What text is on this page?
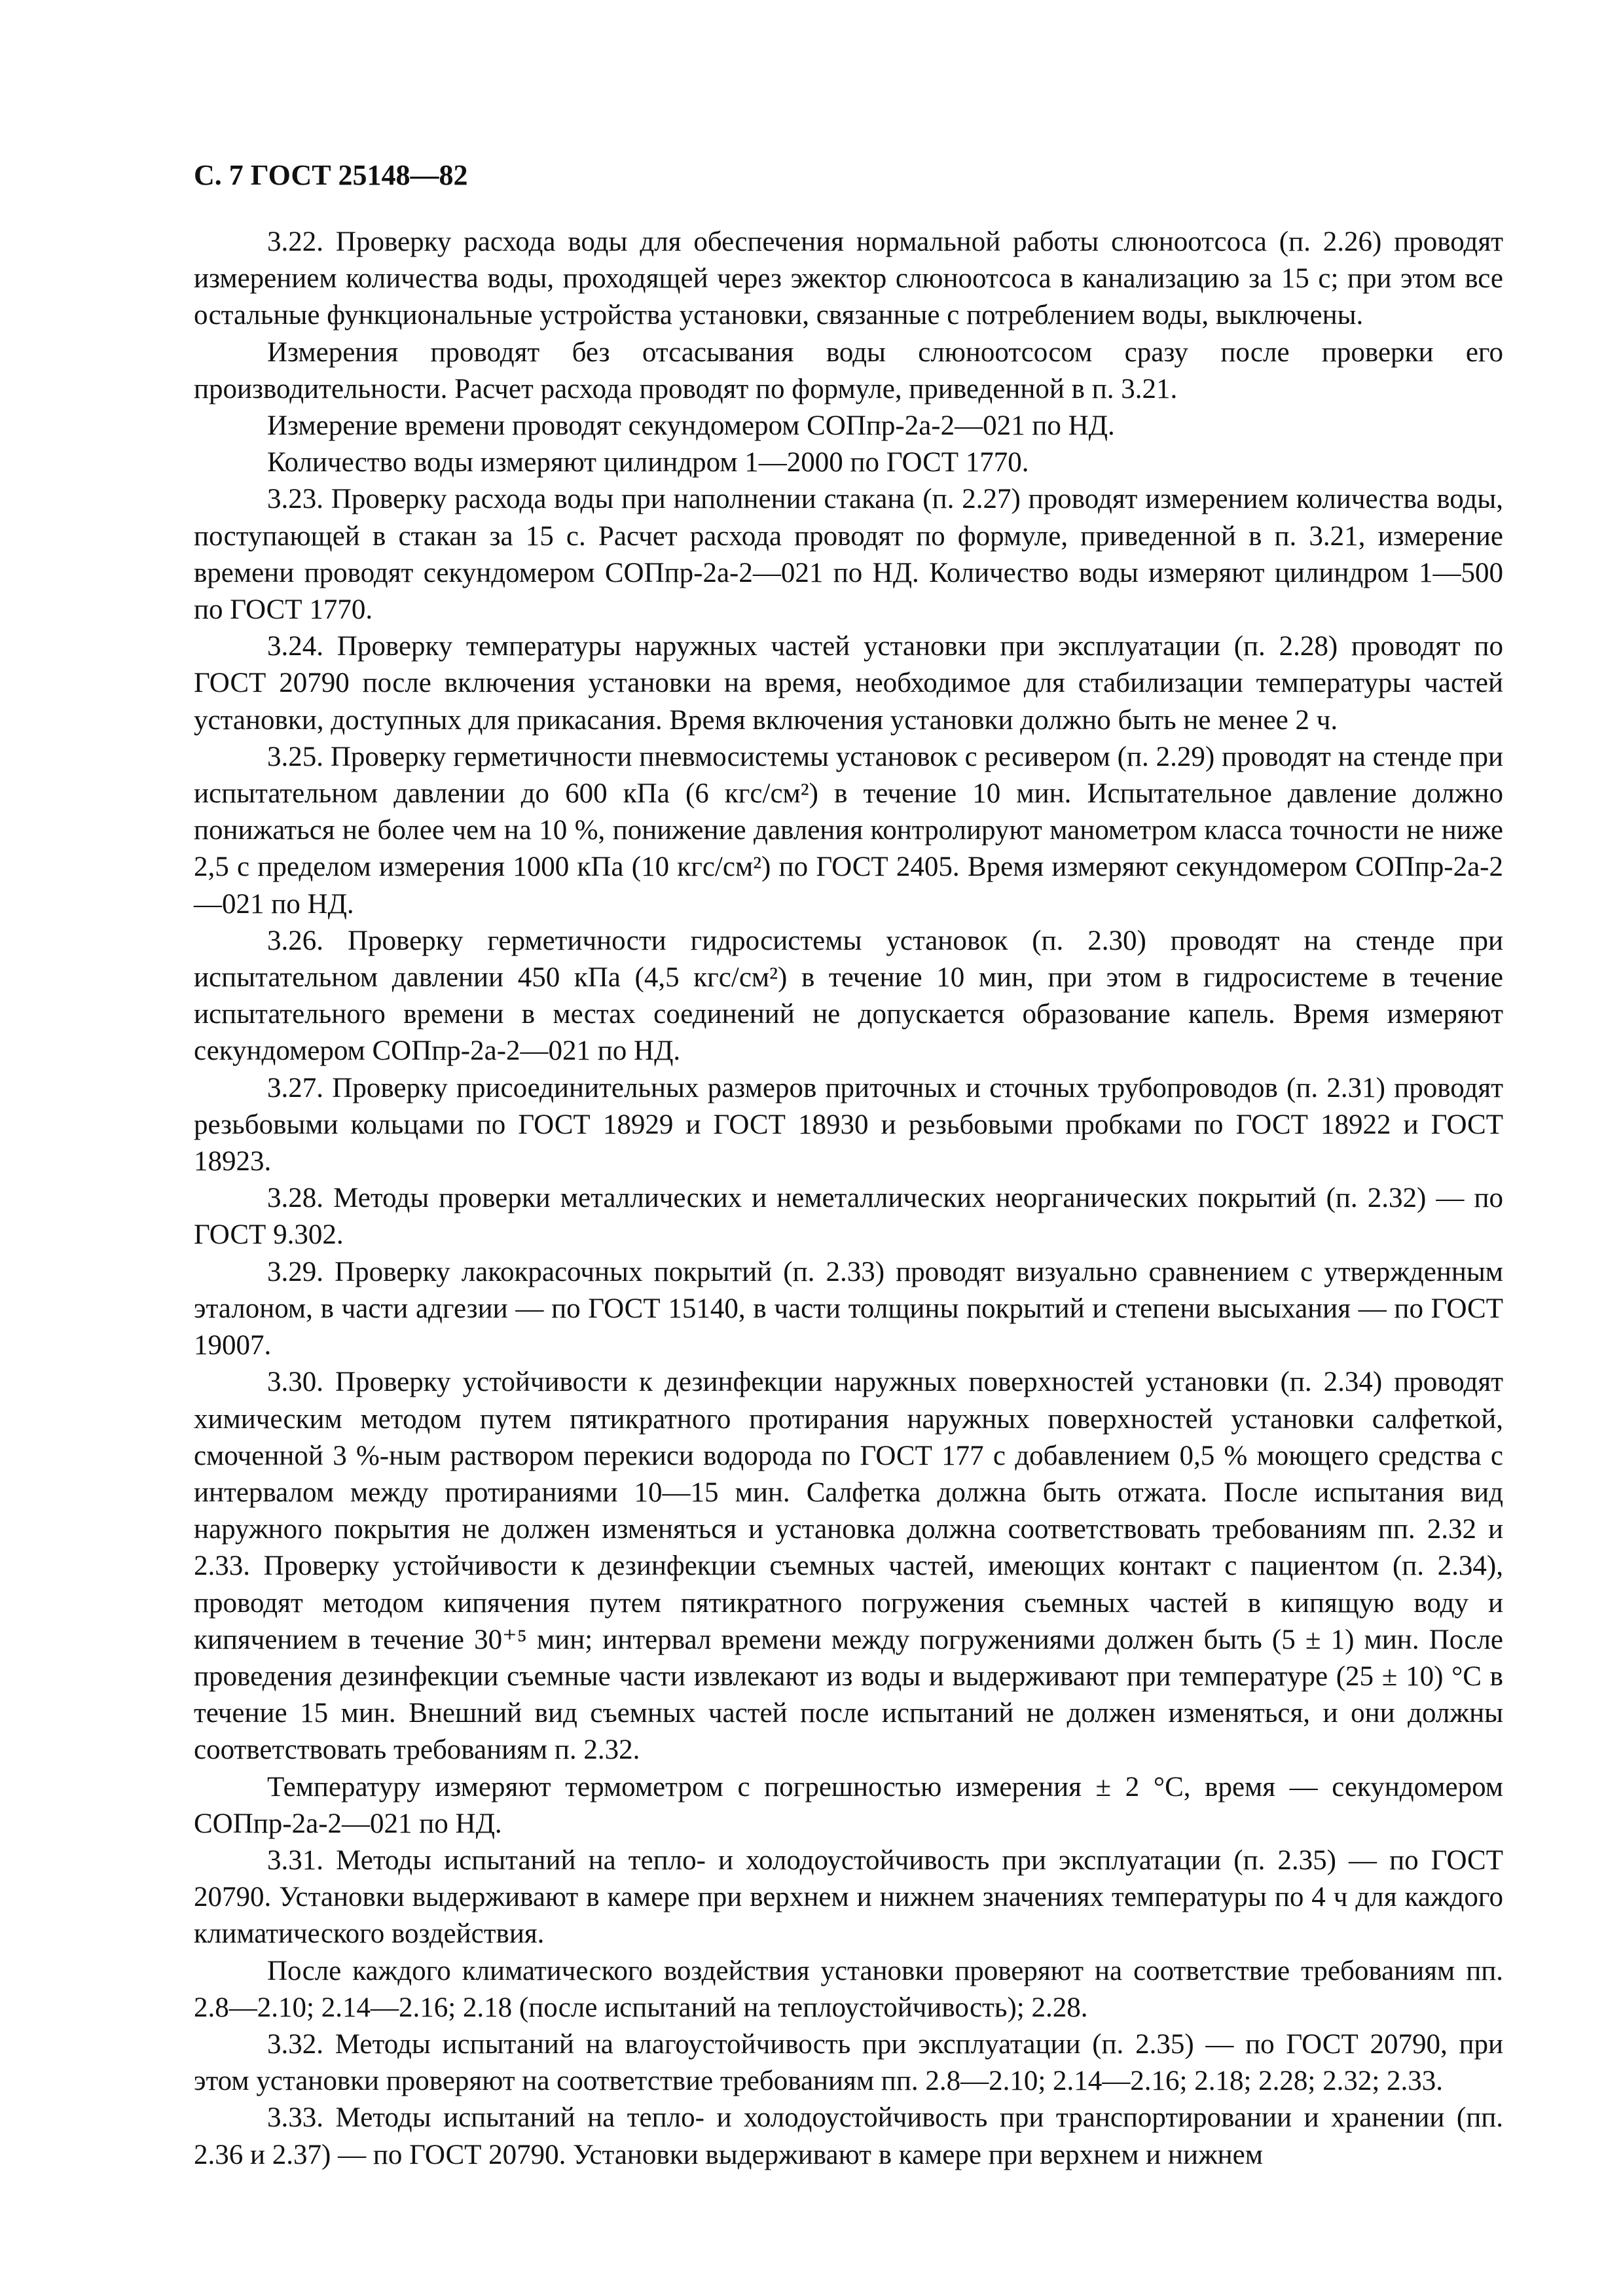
С. 7 ГОСТ 25148—82

3.22. Проверку расхода воды для обеспечения нормальной работы слюноотсоса (п. 2.26) проводят измерением количества воды, проходящей через эжектор слюноотсоса в канализацию за 15 с; при этом все остальные функциональные устройства установки, связанные с потреблением воды, выключены.

Измерения проводят без отсасывания воды слюноотсосом сразу после проверки его производительности. Расчет расхода проводят по формуле, приведенной в п. 3.21.

Измерение времени проводят секундомером СОПпр-2а-2—021 по НД.

Количество воды измеряют цилиндром 1—2000 по ГОСТ 1770.

3.23. Проверку расхода воды при наполнении стакана (п. 2.27) проводят измерением количества воды, поступающей в стакан за 15 с. Расчет расхода проводят по формуле, приведенной в п. 3.21, измерение времени проводят секундомером СОПпр-2а-2—021 по НД. Количество воды измеряют цилиндром 1—500 по ГОСТ 1770.

3.24. Проверку температуры наружных частей установки при эксплуатации (п. 2.28) проводят по ГОСТ 20790 после включения установки на время, необходимое для стабилизации температуры частей установки, доступных для прикасания. Время включения установки должно быть не менее 2 ч.

3.25. Проверку герметичности пневмосистемы установок с ресивером (п. 2.29) проводят на стенде при испытательном давлении до 600 кПа (6 кгс/см²) в течение 10 мин. Испытательное давление должно понижаться не более чем на 10 %, понижение давления контролируют манометром класса точности не ниже 2,5 с пределом измерения 1000 кПа (10 кгс/см²) по ГОСТ 2405. Время измеряют секундомером СОПпр-2а-2—021 по НД.

3.26. Проверку герметичности гидросистемы установок (п. 2.30) проводят на стенде при испытательном давлении 450 кПа (4,5 кгс/см²) в течение 10 мин, при этом в гидросистеме в течение испытательного времени в местах соединений не допускается образование капель. Время измеряют секундомером СОПпр-2а-2—021 по НД.

3.27. Проверку присоединительных размеров приточных и сточных трубопроводов (п. 2.31) проводят резьбовыми кольцами по ГОСТ 18929 и ГОСТ 18930 и резьбовыми пробками по ГОСТ 18922 и ГОСТ 18923.

3.28. Методы проверки металлических и неметаллических неорганических покрытий (п. 2.32) — по ГОСТ 9.302.

3.29. Проверку лакокрасочных покрытий (п. 2.33) проводят визуально сравнением с утвержденным эталоном, в части адгезии — по ГОСТ 15140, в части толщины покрытий и степени высыхания — по ГОСТ 19007.

3.30. Проверку устойчивости к дезинфекции наружных поверхностей установки (п. 2.34) проводят химическим методом путем пятикратного протирания наружных поверхностей установки салфеткой, смоченной 3 %-ным раствором перекиси водорода по ГОСТ 177 с добавлением 0,5 % моющего средства с интервалом между протираниями 10—15 мин. Салфетка должна быть отжата. После испытания вид наружного покрытия не должен изменяться и установка должна соответствовать требованиям пп. 2.32 и 2.33. Проверку устойчивости к дезинфекции съемных частей, имеющих контакт с пациентом (п. 2.34), проводят методом кипячения путем пятикратного погружения съемных частей в кипящую воду и кипячением в течение 30⁺⁵ мин; интервал времени между погружениями должен быть (5 ± 1) мин. После проведения дезинфекции съемные части извлекают из воды и выдерживают при температуре (25 ± 10) °С в течение 15 мин. Внешний вид съемных частей после испытаний не должен изменяться, и они должны соответствовать требованиям п. 2.32.

Температуру измеряют термометром с погрешностью измерения ± 2 °С, время — секундомером СОПпр-2а-2—021 по НД.

3.31. Методы испытаний на тепло- и холодоустойчивость при эксплуатации (п. 2.35) — по ГОСТ 20790. Установки выдерживают в камере при верхнем и нижнем значениях температуры по 4 ч для каждого климатического воздействия.

После каждого климатического воздействия установки проверяют на соответствие требованиям пп. 2.8—2.10; 2.14—2.16; 2.18 (после испытаний на теплоустойчивость); 2.28.

3.32. Методы испытаний на влагоустойчивость при эксплуатации (п. 2.35) — по ГОСТ 20790, при этом установки проверяют на соответствие требованиям пп. 2.8—2.10; 2.14—2.16; 2.18; 2.28; 2.32; 2.33.

3.33. Методы испытаний на тепло- и холодоустойчивость при транспортировании и хранении (пп. 2.36 и 2.37) — по ГОСТ 20790. Установки выдерживают в камере при верхнем и нижнем
